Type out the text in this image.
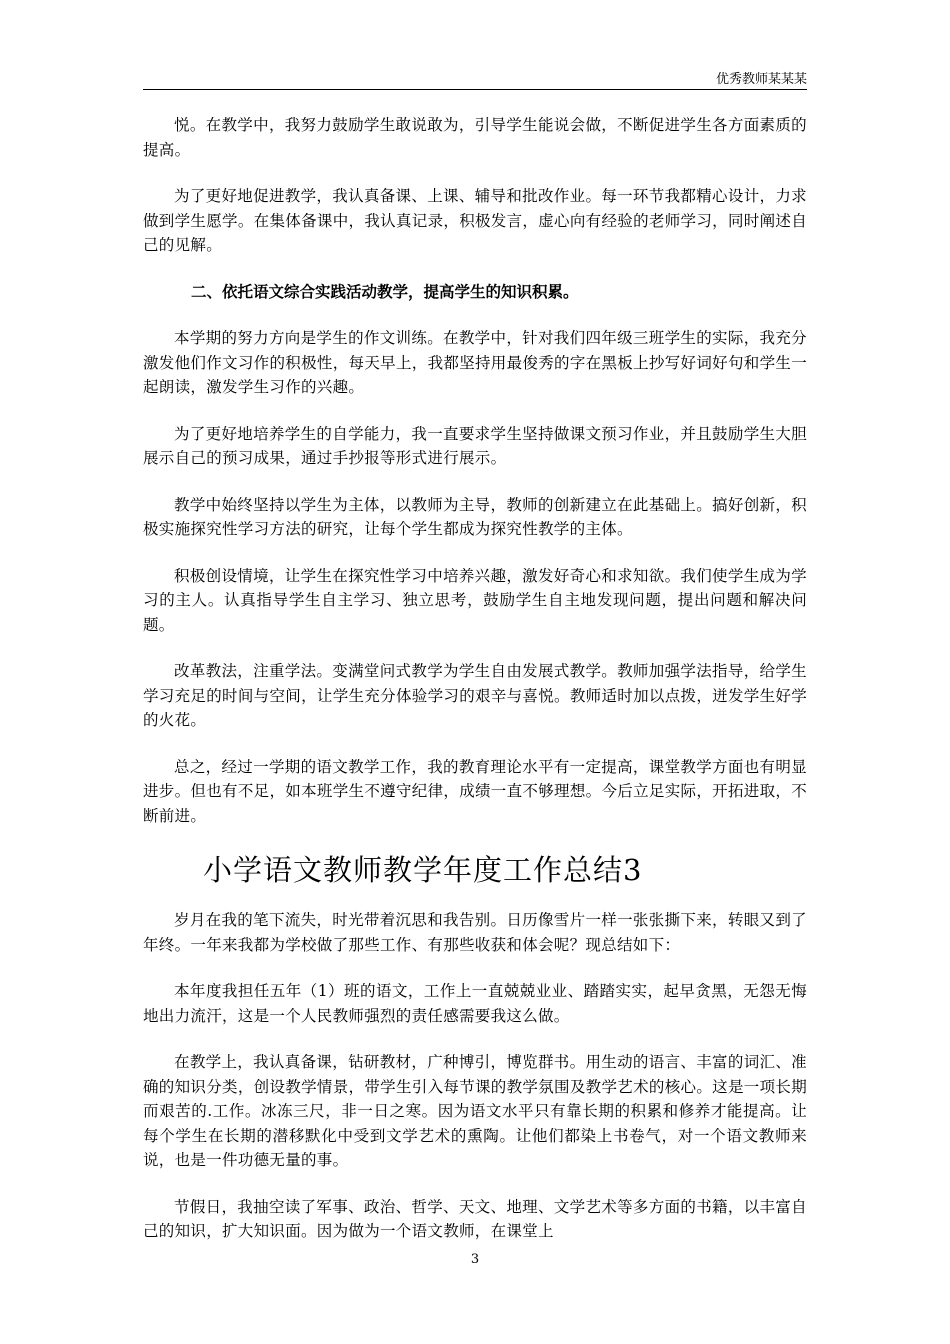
优秀教师某某某

悦。在教学中，我努力鼓励学生敢说敢为，引导学生能说会做，不断促进学生各方面素质的提高。

为了更好地促进教学，我认真备课、上课、辅导和批改作业。每一环节我都精心设计，力求做到学生愿学。在集体备课中，我认真记录，积极发言，虚心向有经验的老师学习，同时阐述自己的见解。

二、依托语文综合实践活动教学，提高学生的知识积累。

本学期的努力方向是学生的作文训练。在教学中，针对我们四年级三班学生的实际，我充分激发他们作文习作的积极性，每天早上，我都坚持用最俊秀的字在黑板上抄写好词好句和学生一起朗读，激发学生习作的兴趣。

为了更好地培养学生的自学能力，我一直要求学生坚持做课文预习作业，并且鼓励学生大胆展示自己的预习成果，通过手抄报等形式进行展示。

教学中始终坚持以学生为主体，以教师为主导，教师的创新建立在此基础上。搞好创新，积极实施探究性学习方法的研究，让每个学生都成为探究性教学的主体。

积极创设情境，让学生在探究性学习中培养兴趣，激发好奇心和求知欲。我们使学生成为学习的主人。认真指导学生自主学习、独立思考，鼓励学生自主地发现问题，提出问题和解决问题。

改革教法，注重学法。变满堂问式教学为学生自由发展式教学。教师加强学法指导，给学生学习充足的时间与空间，让学生充分体验学习的艰辛与喜悦。教师适时加以点拨，迸发学生好学的火花。

总之，经过一学期的语文教学工作，我的教育理论水平有一定提高，课堂教学方面也有明显进步。但也有不足，如本班学生不遵守纪律，成绩一直不够理想。今后立足实际，开拓进取，不断前进。

小学语文教师教学年度工作总结3

岁月在我的笔下流失，时光带着沉思和我告别。日历像雪片一样一张张撕下来，转眼又到了年终。一年来我都为学校做了那些工作、有那些收获和体会呢？现总结如下：

本年度我担任五年（1）班的语文，工作上一直兢兢业业、踏踏实实，起早贪黑，无怨无悔地出力流汗，这是一个人民教师强烈的责任感需要我这么做。

在教学上，我认真备课，钻研教材，广种博引，博览群书。用生动的语言、丰富的词汇、准确的知识分类，创设教学情景，带学生引入每节课的教学氛围及教学艺术的核心。这是一项长期而艰苦的.工作。冰冻三尺，非一日之寒。因为语文水平只有靠长期的积累和修养才能提高。让每个学生在长期的潜移默化中受到文学艺术的熏陶。让他们都染上书卷气，对一个语文教师来说，也是一件功德无量的事。

节假日，我抽空读了军事、政治、哲学、天文、地理、文学艺术等多方面的书籍，以丰富自己的知识，扩大知识面。因为做为一个语文教师，在课堂上

3
